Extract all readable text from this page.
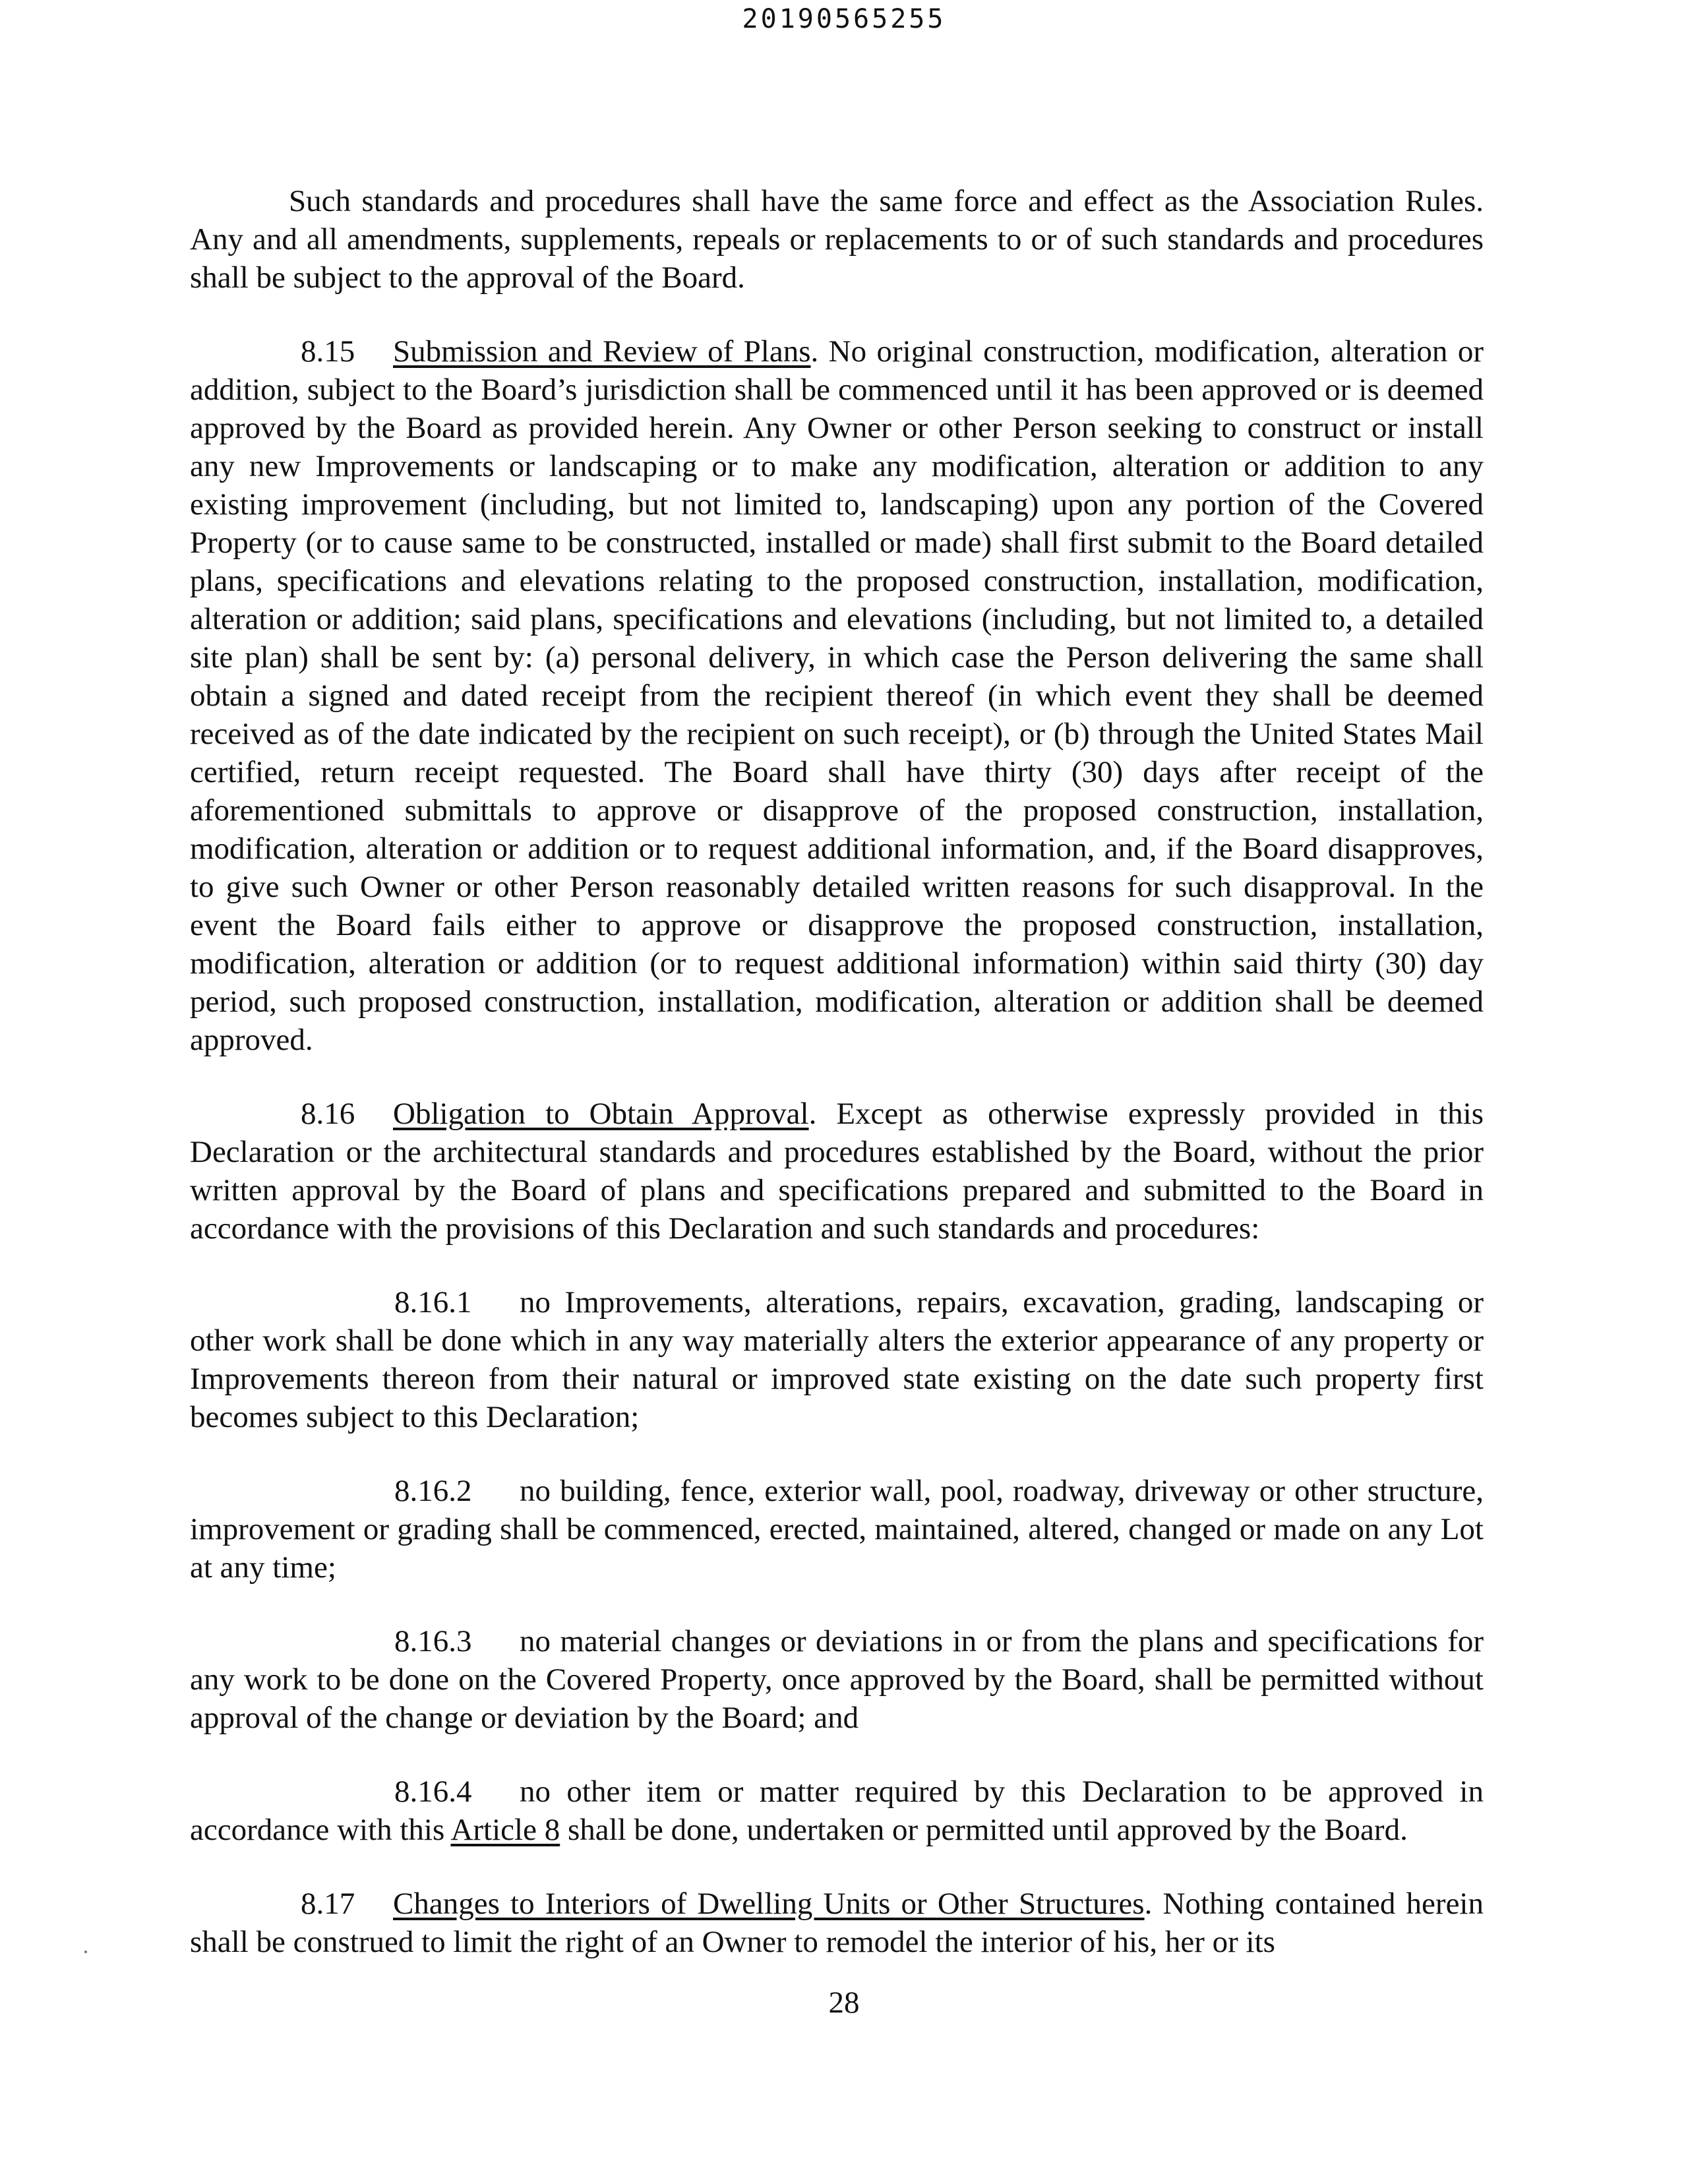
20190565255

Such standards and procedures shall have the same force and effect as the Association Rules. Any and all amendments, supplements, repeals or replacements to or of such standards and procedures shall be subject to the approval of the Board.

8.15 Submission and Review of Plans. No original construction, modification, alteration or addition, subject to the Board’s jurisdiction shall be commenced until it has been approved or is deemed approved by the Board as provided herein. Any Owner or other Person seeking to construct or install any new Improvements or landscaping or to make any modification, alteration or addition to any existing improvement (including, but not limited to, landscaping) upon any portion of the Covered Property (or to cause same to be constructed, installed or made) shall first submit to the Board detailed plans, specifications and elevations relating to the proposed construction, installation, modification, alteration or addition; said plans, specifications and elevations (including, but not limited to, a detailed site plan) shall be sent by: (a) personal delivery, in which case the Person delivering the same shall obtain a signed and dated receipt from the recipient thereof (in which event they shall be deemed received as of the date indicated by the recipient on such receipt), or (b) through the United States Mail certified, return receipt requested. The Board shall have thirty (30) days after receipt of the aforementioned submittals to approve or disapprove of the proposed construction, installation, modification, alteration or addition or to request additional information, and, if the Board disapproves, to give such Owner or other Person reasonably detailed written reasons for such disapproval. In the event the Board fails either to approve or disapprove the proposed construction, installation, modification, alteration or addition (or to request additional information) within said thirty (30) day period, such proposed construction, installation, modification, alteration or addition shall be deemed approved.

8.16 Obligation to Obtain Approval. Except as otherwise expressly provided in this Declaration or the architectural standards and procedures established by the Board, without the prior written approval by the Board of plans and specifications prepared and submitted to the Board in accordance with the provisions of this Declaration and such standards and procedures:

8.16.1 no Improvements, alterations, repairs, excavation, grading, landscaping or other work shall be done which in any way materially alters the exterior appearance of any property or Improvements thereon from their natural or improved state existing on the date such property first becomes subject to this Declaration;

8.16.2 no building, fence, exterior wall, pool, roadway, driveway or other structure, improvement or grading shall be commenced, erected, maintained, altered, changed or made on any Lot at any time;

8.16.3 no material changes or deviations in or from the plans and specifications for any work to be done on the Covered Property, once approved by the Board, shall be permitted without approval of the change or deviation by the Board; and

8.16.4 no other item or matter required by this Declaration to be approved in accordance with this Article 8 shall be done, undertaken or permitted until approved by the Board.

8.17 Changes to Interiors of Dwelling Units or Other Structures. Nothing contained herein shall be construed to limit the right of an Owner to remodel the interior of his, her or its

28
